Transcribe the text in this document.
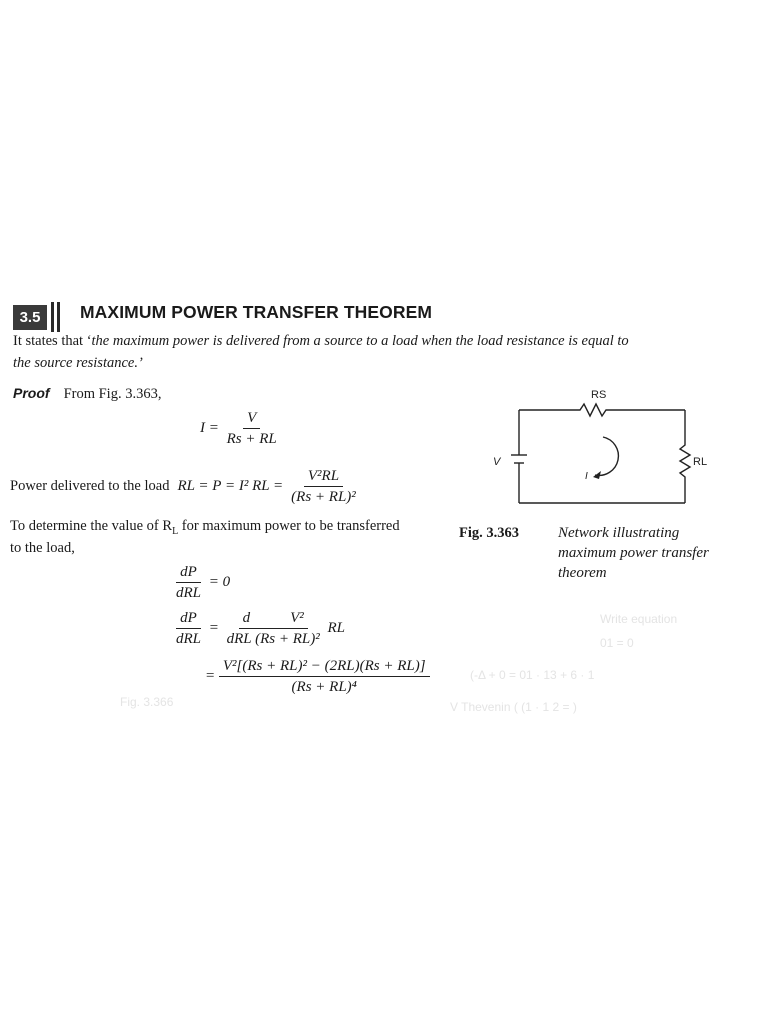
Fig. 3.366
(-Δ + 0 = 01 · 13 + 6 · 1
V Thevenin ( (1 · 1 2 = )
Write equation
01 = 0
3.5	MAXIMUM POWER TRANSFER THEOREM
It states that ‘the maximum power is delivered from a source to a load when the load resistance is equal to
the source resistance.’
Proof From Fig. 3.363,
$I = \frac{V}{Rs + RL}$
Power delivered to the load RL = P = I² RL = $\frac{\text{V²RL}}{\text{(Rs + RL)²}}$
To determine the value of $R_L$ for maximum power to be transferred
to the load,
$\frac{dP}{\text{dRL}} = 0$
$\frac{dP}{\text{dRL}} = d$	V²
dRL (Rs + RL)² RL
= $\frac{\text{V²[(Rs + RL)² − (2RL)(Rs + RL)]}}{\text{(Rs + RL)⁴}}$
RS
RL
V
I
Fig. 3.363	Network illustrating
maximum power transfer
theorem
